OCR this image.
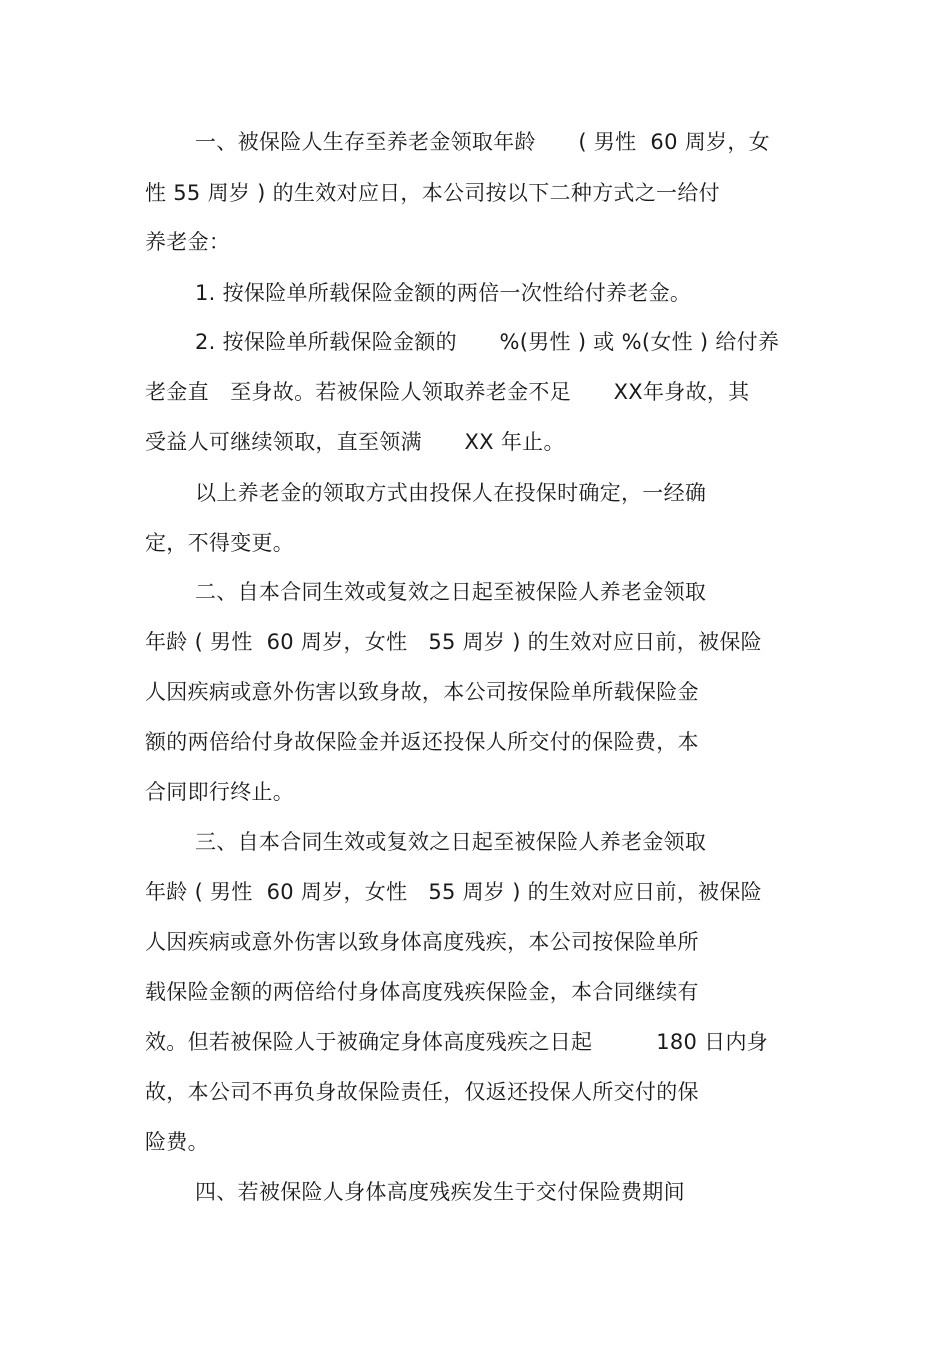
一、被保险人生存至养老金领取年龄　　( 男性  60 周岁，女
性 55 周岁 ) 的生效对应日，本公司按以下二种方式之一给付
养老金：
1. 按保险单所载保险金额的两倍一次性给付养老金。
2. 按保险单所载保险金额的　　%(男性 ) 或 %(女性 ) 给付养
老金直　至身故。若被保险人领取养老金不足　　XX年身故，其
受益人可继续领取，直至领满　　XX 年止。
以上养老金的领取方式由投保人在投保时确定，一经确
定，不得变更。
二、自本合同生效或复效之日起至被保险人养老金领取
年龄 ( 男性  60 周岁，女性   55 周岁 ) 的生效对应日前，被保险
人因疾病或意外伤害以致身故，本公司按保险单所载保险金
额的两倍给付身故保险金并返还投保人所交付的保险费，本
合同即行终止。
三、自本合同生效或复效之日起至被保险人养老金领取
年龄 ( 男性  60 周岁，女性   55 周岁 ) 的生效对应日前，被保险
人因疾病或意外伤害以致身体高度残疾，本公司按保险单所
载保险金额的两倍给付身体高度残疾保险金，本合同继续有
效。但若被保险人于被确定身体高度残疾之日起　　　180 日内身
故，本公司不再负身故保险责任，仅返还投保人所交付的保
险费。
四、若被保险人身体高度残疾发生于交付保险费期间
